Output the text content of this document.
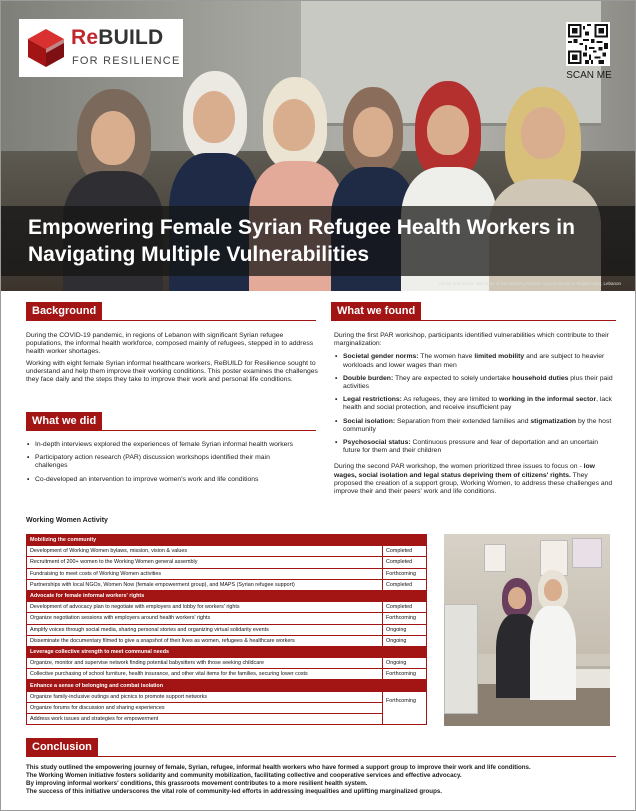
ReBUILD
FOR RESILIENCE
SCAN ME
Empowering Female Syrian Refugee Health Workers in Navigating Multiple Vulnerabilities
Above and below: Members of the Working Women support group in Majdal Anjar, Lebanon
Background

During the COVID-19 pandemic, in regions of Lebanon with significant Syrian refugee populations, the informal health workforce, composed mainly of refugees, stepped in to address health worker shortages.

Working with eight female Syrian informal healthcare workers, ReBUILD for Resilience sought to understand and help them improve their working conditions. This poster examines the challenges they face daily and the steps they take to improve their work and personal life conditions.

What we did
• In-depth interviews explored the experiences of female Syrian informal health workers
• Participatory action research (PAR) discussion workshops identified their main challenges
• Co-developed an intervention to improve women's work and life conditions
What we found

During the first PAR workshop, participants identified vulnerabilities which contribute to their marginalization:

• Societal gender norms: The women have limited mobility and are subject to heavier workloads and lower wages than men
• Double burden: They are expected to solely undertake household duties plus their paid activities
• Legal restrictions: As refugees, they are limited to working in the informal sector, lack health and social protection, and receive insufficient pay
• Social isolation: Separation from their extended families and stigmatization by the host community
• Psychosocial status: Continuous pressure and fear of deportation and an uncertain future for them and their children

During the second PAR workshop, the women prioritized three issues to focus on - low wages, social isolation and legal status depriving them of citizens' rights. They proposed the creation of a support group, Working Women, to address these challenges and improve their and their peers' work and life conditions.

Working Women Activity
Mobilizing the community	
Development of Working Women bylaws, mission, vision & values	Completed
Recruitment of 200+ women to the Working Women general assembly	Completed
Fundraising to meet costs of Working Women activities	Forthcoming
Partnerships with local NGOs, Women Now (female empowerment group), and MAPS (Syrian refugee support)	Completed
Advocate for female informal workers' rights	
Development of advocacy plan to negotiate with employers and lobby for workers' rights	Completed
Organize negotiation sessions with employers around health workers' rights	Forthcoming
Amplify voices through social media, sharing personal stories and organizing virtual solidarity events	Ongoing
Disseminate the documentary filmed to give a snapshot of their lives as women, refugees & healthcare workers	Ongoing
Leverage collective strength to meet communal needs	
Organize, monitor and supervise network finding potential babysitters with those seeking childcare	Ongoing
Collective purchasing of school furniture, health insurance, and other vital items for the families, securing lower costs	Forthcoming
Enhance a sense of belonging and combat isolation	
Organize family-inclusive outings and picnics to promote support networks	Forthcoming
Organize forums for discussion and sharing experiences	
Address work issues and strategies for empowerment	
Conclusion
This study outlined the empowering journey of female, Syrian, refugee, informal health workers who have formed a support group to improve their work and life conditions.
The Working Women initiative fosters solidarity and community mobilization, facilitating collective and cooperative services and effective advocacy.
By improving informal workers' conditions, this grassroots movement contributes to a more resilient health system.
The success of this initiative underscores the vital role of community-led efforts in addressing inequalities and uplifting marginalized groups.
